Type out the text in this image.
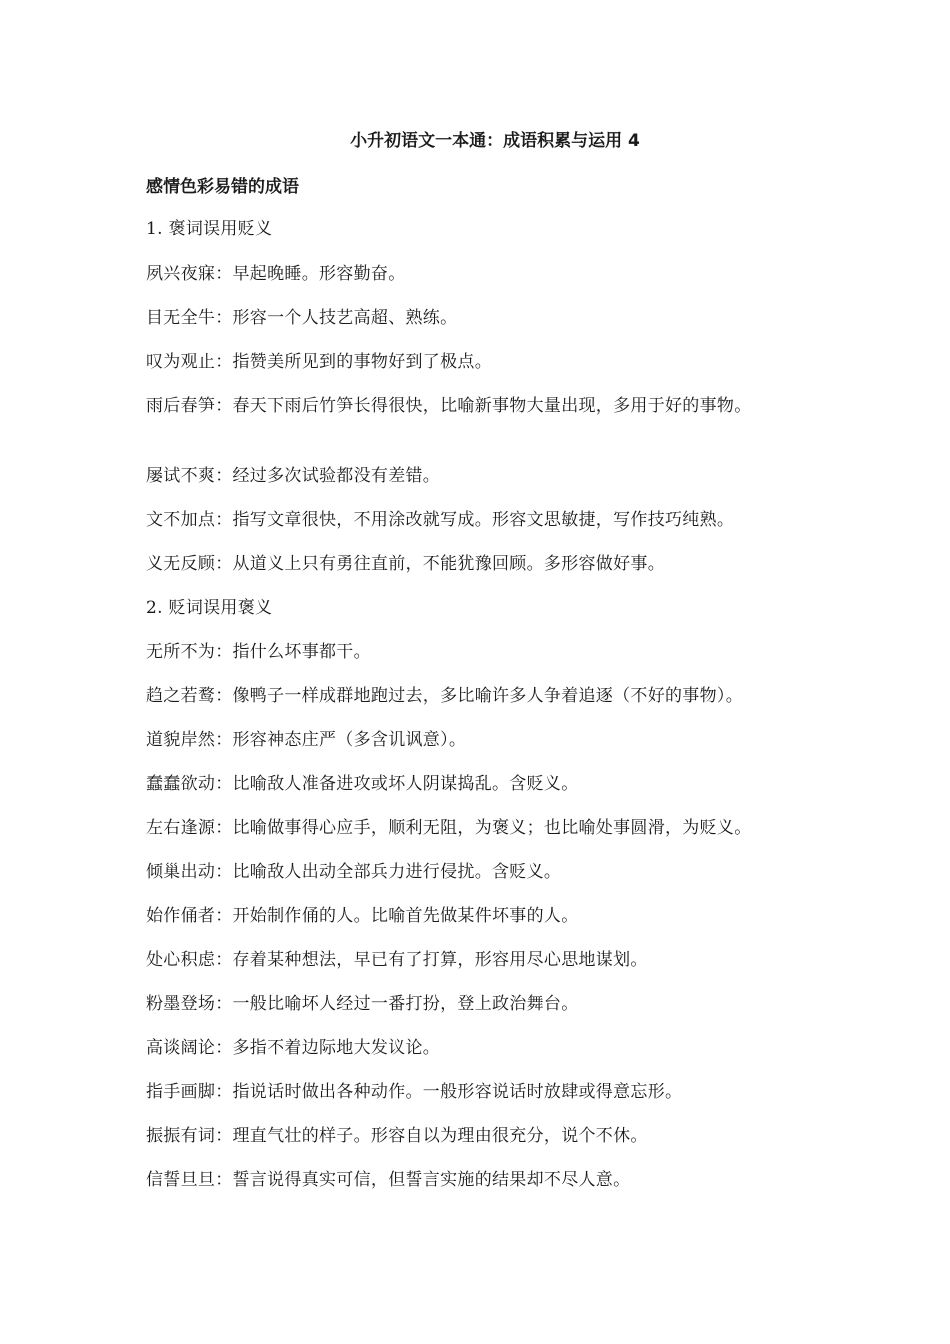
小升初语文一本通：成语积累与运用 4
感情色彩易错的成语
1. 褒词误用贬义
夙兴夜寐：早起晚睡。形容勤奋。
目无全牛：形容一个人技艺高超、熟练。
叹为观止：指赞美所见到的事物好到了极点。
雨后春笋：春天下雨后竹笋长得很快，比喻新事物大量出现，多用于好的事物。
屡试不爽：经过多次试验都没有差错。
文不加点：指写文章很快，不用涂改就写成。形容文思敏捷，写作技巧纯熟。
义无反顾：从道义上只有勇往直前，不能犹豫回顾。多形容做好事。
2. 贬词误用褒义
无所不为：指什么坏事都干。
趋之若鹜：像鸭子一样成群地跑过去，多比喻许多人争着追逐（不好的事物）。
道貌岸然：形容神态庄严（多含讥讽意）。
蠢蠢欲动：比喻敌人准备进攻或坏人阴谋捣乱。含贬义。
左右逢源：比喻做事得心应手，顺利无阻，为褒义；也比喻处事圆滑，为贬义。
倾巢出动：比喻敌人出动全部兵力进行侵扰。含贬义。
始作俑者：开始制作俑的人。比喻首先做某件坏事的人。
处心积虑：存着某种想法，早已有了打算，形容用尽心思地谋划。
粉墨登场：一般比喻坏人经过一番打扮，登上政治舞台。
高谈阔论：多指不着边际地大发议论。
指手画脚：指说话时做出各种动作。一般形容说话时放肆或得意忘形。
振振有词：理直气壮的样子。形容自以为理由很充分，说个不休。
信誓旦旦：誓言说得真实可信，但誓言实施的结果却不尽人意。
